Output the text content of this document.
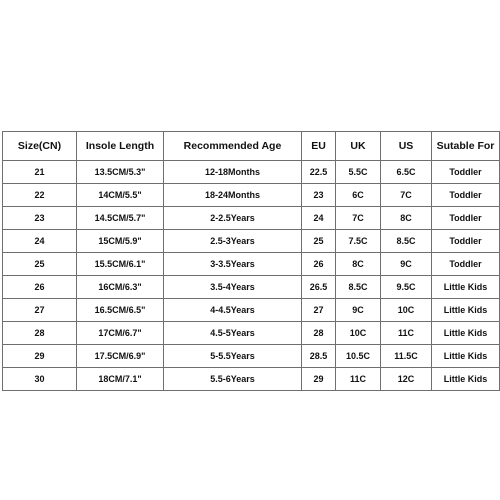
Size(CN)	Insole Length	Recommended Age	EU	UK	US	Sutable For
21	13.5CM/5.3"	12-18Months	22.5	5.5C	6.5C	Toddler
22	14CM/5.5"	18-24Months	23	6C	7C	Toddler
23	14.5CM/5.7"	2-2.5Years	24	7C	8C	Toddler
24	15CM/5.9"	2.5-3Years	25	7.5C	8.5C	Toddler
25	15.5CM/6.1"	3-3.5Years	26	8C	9C	Toddler
26	16CM/6.3"	3.5-4Years	26.5	8.5C	9.5C	Little Kids
27	16.5CM/6.5"	4-4.5Years	27	9C	10C	Little Kids
28	17CM/6.7"	4.5-5Years	28	10C	11C	Little Kids
29	17.5CM/6.9"	5-5.5Years	28.5	10.5C	11.5C	Little Kids
30	18CM/7.1"	5.5-6Years	29	11C	12C	Little Kids
